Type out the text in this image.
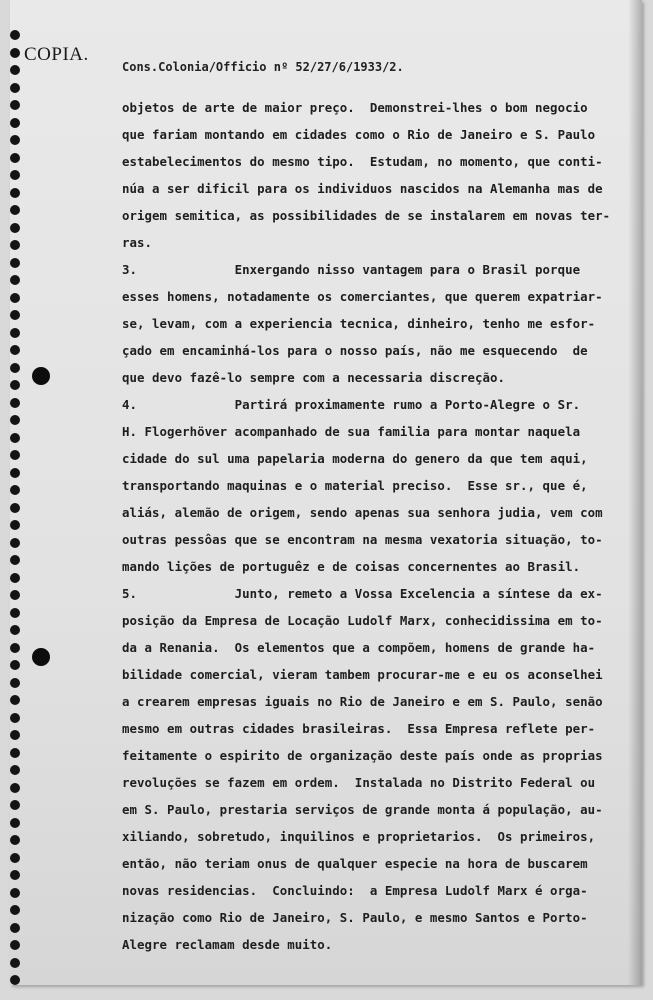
COPIA.
Cons.Colonia/Officio nº 52/27/6/1933/2.
objetos de arte de maior preço.  Demonstrei-lhes o bom negocio
que fariam montando em cidades como o Rio de Janeiro e S. Paulo
estabelecimentos do mesmo tipo.  Estudam, no momento, que conti-
núa a ser dificil para os individuos nascidos na Alemanha mas de
origem semitica, as possibilidades de se instalarem em novas ter-
ras.
3.             Enxergando nisso vantagem para o Brasil porque
esses homens, notadamente os comerciantes, que querem expatriar-
se, levam, com a experiencia tecnica, dinheiro, tenho me esfor-
çado em encaminhá-los para o nosso país, não me esquecendo  de
que devo fazê-lo sempre com a necessaria discreção.
4.             Partirá proximamente rumo a Porto-Alegre o Sr.
H. Flogerhöver acompanhado de sua familia para montar naquela
cidade do sul uma papelaria moderna do genero da que tem aqui,
transportando maquinas e o material preciso.  Esse sr., que é,
aliás, alemão de origem, sendo apenas sua senhora judia, vem com
outras pessôas que se encontram na mesma vexatoria situação, to-
mando lições de portuguêz e de coisas concernentes ao Brasil.
5.             Junto, remeto a Vossa Excelencia a síntese da ex-
posição da Empresa de Locação Ludolf Marx, conhecidissima em to-
da a Renania.  Os elementos que a compõem, homens de grande ha-
bilidade comercial, vieram tambem procurar-me e eu os aconselhei
a crearem empresas iguais no Rio de Janeiro e em S. Paulo, senão
mesmo em outras cidades brasileiras.  Essa Empresa reflete per-
feitamente o espirito de organização deste país onde as proprias
revoluções se fazem em ordem.  Instalada no Distrito Federal ou
em S. Paulo, prestaria serviços de grande monta á população, au-
xiliando, sobretudo, inquilinos e proprietarios.  Os primeiros,
então, não teriam onus de qualquer especie na hora de buscarem
novas residencias.  Concluindo:  a Empresa Ludolf Marx é orga-
nização como Rio de Janeiro, S. Paulo, e mesmo Santos e Porto-
Alegre reclamam desde muito.
